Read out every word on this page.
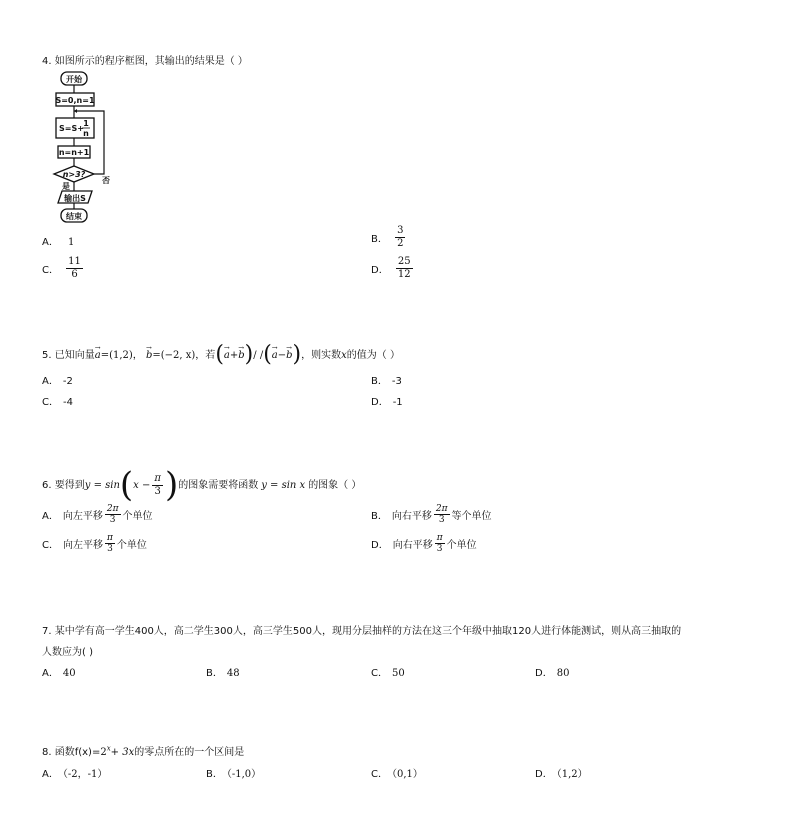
4. 如图所示的程序框图，其输出的结果是（ ）
开始
S=0,n=1
S=S+
1
n
n=n+1
n>3?
否
是
输出S
结束
A． 1	B． $\frac{3}{2}$
C． $\frac{11}{6}$	D． $\frac{25}{12}$
5. 已知向量→ a=(1,2)， → b=(−2, x)，若(→ a+→ b)/ /(→ a−→ b)，则实数x的值为（ ）
A． -2	B． -3
C． -4	D． -1
6. 要得到$y = \sin(x - \frac{\pi}{3}$ )的图象需要将函数 y = sin x 的图象（ ）
A． 向左平移 $\frac{2\pi}{3}$ 个单位	B． 向右平移 $\frac{2\pi}{3}$ 等个单位
C． 向左平移 $\frac{\pi}{3}$ 个单位	D． 向右平移 $\frac{\pi}{3}$ 个单位
7. 某中学有高一学生400人，高二学生300人，高三学生500人，现用分层抽样的方法在这三个年级中抽取120人进行体能测试，则从高三抽取的
人数应为( )
A． 40	B． 48	C． 50	D． 80
8. 函数$f(x)=2^x+ 3x$的零点所在的一个区间是
A． （-2，-1）	B． （-1,0）	C． （0,1）	D． （1,2）
